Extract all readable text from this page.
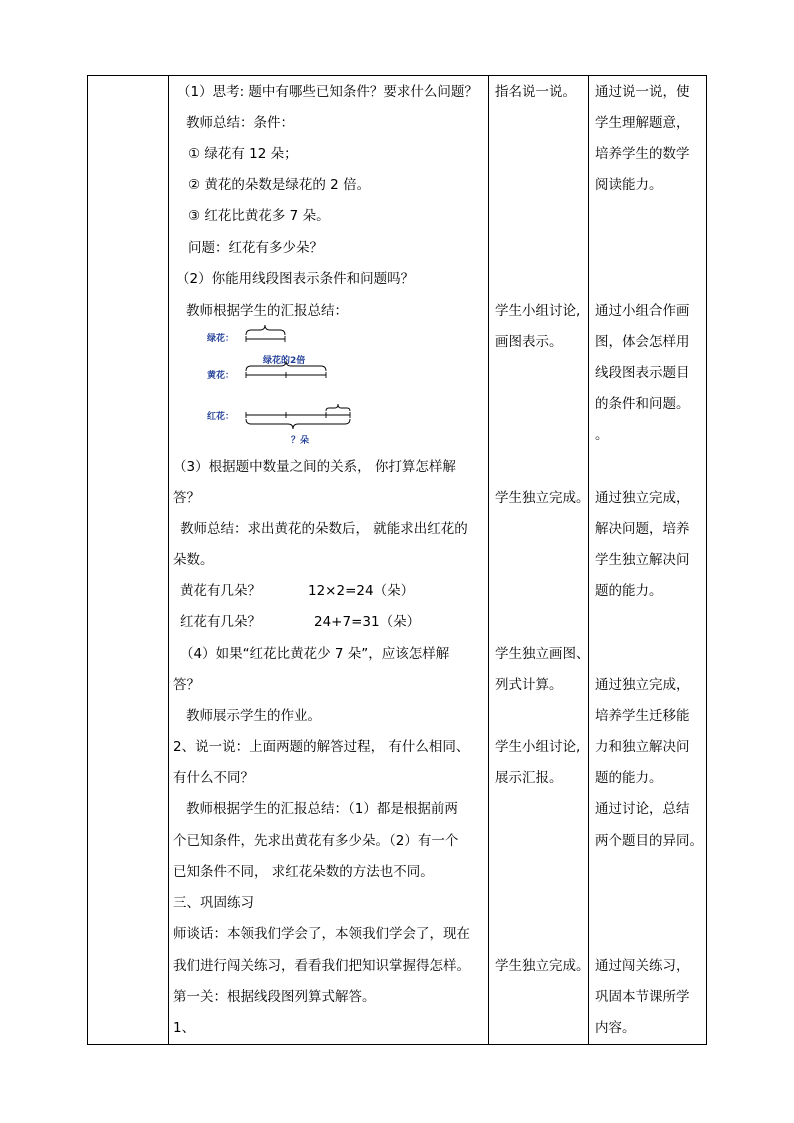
（1）思考: 题中有哪些已知条件？要求什么问题？
教师总结：条件：
① 绿花有 12 朵；
② 黄花的朵数是绿花的 2 倍。
③ 红花比黄花多 7 朵。
问题：红花有多少朵？
（2）你能用线段图表示条件和问题吗？
教师根据学生的汇报总结：
绿花：
绿花的2倍
黄花：
红花：
？朵
（3）根据题中数量之间的关系， 你打算怎样解
答？
教师总结：求出黄花的朵数后， 就能求出红花的
朵数。
黄花有几朵？	12×2=24（朵）
红花有几朵？	24+7=31（朵）
（4）如果“红花比黄花少 7 朵”，应该怎样解
答？
教师展示学生的作业。
2、说一说：上面两题的解答过程， 有什么相同、
有什么不同？
教师根据学生的汇报总结：（1）都是根据前两
个已知条件，先求出黄花有多少朵。（2）有一个
已知条件不同， 求红花朵数的方法也不同。
三、巩固练习
师谈话：本领我们学会了，本领我们学会了，现在
我们进行闯关练习，看看我们把知识掌握得怎样。
第一关：根据线段图列算式解答。
1、
指名说一说。
学生小组讨论,
画图表示。
学生独立完成。
学生独立画图、
列式计算。
学生小组讨论,
展示汇报。
学生独立完成。
通过说一说，使
学生理解题意，
培养学生的数学
阅读能力。
通过小组合作画
图，体会怎样用
线段图表示题目
的条件和问题。
。
通过独立完成，
解决问题，培养
学生独立解决问
题的能力。
通过独立完成，
培养学生迁移能
力和独立解决问
题的能力。
通过讨论，总结
两个题目的异同。
通过闯关练习，
巩固本节课所学
内容。
